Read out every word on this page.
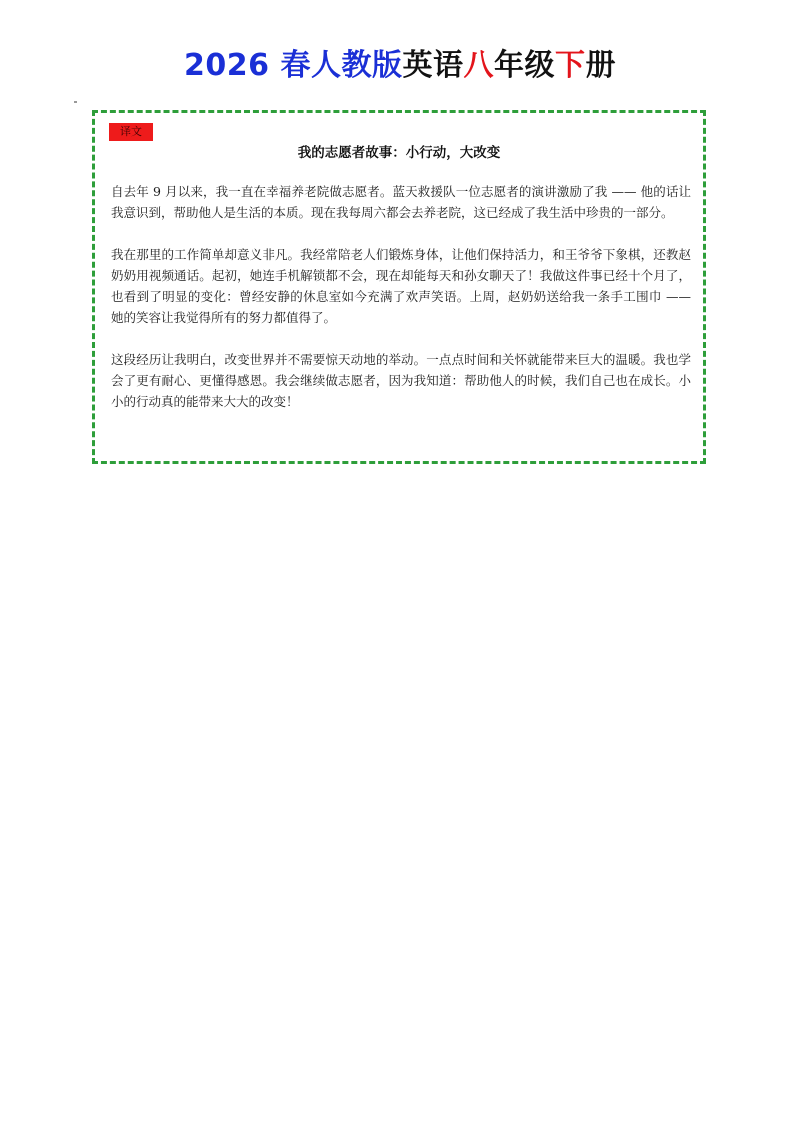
2026 春人教版英语八年级下册
译文
我的志愿者故事：小行动，大改变

自去年 9 月以来，我一直在幸福养老院做志愿者。蓝天救援队一位志愿者的演讲激励了我 —— 他的话让我意识到，帮助他人是生活的本质。现在我每周六都会去养老院，这已经成了我生活中珍贵的一部分。

我在那里的工作简单却意义非凡。我经常陪老人们锻炼身体，让他们保持活力，和王爷爷下象棋，还教赵奶奶用视频通话。起初，她连手机解锁都不会，现在却能每天和孙女聊天了！我做这件事已经十个月了，也看到了明显的变化：曾经安静的休息室如今充满了欢声笑语。上周，赵奶奶送给我一条手工围巾 —— 她的笑容让我觉得所有的努力都值得了。

这段经历让我明白，改变世界并不需要惊天动地的举动。一点点时间和关怀就能带来巨大的温暖。我也学会了更有耐心、更懂得感恩。我会继续做志愿者，因为我知道：帮助他人的时候，我们自己也在成长。小小的行动真的能带来大大的改变！
